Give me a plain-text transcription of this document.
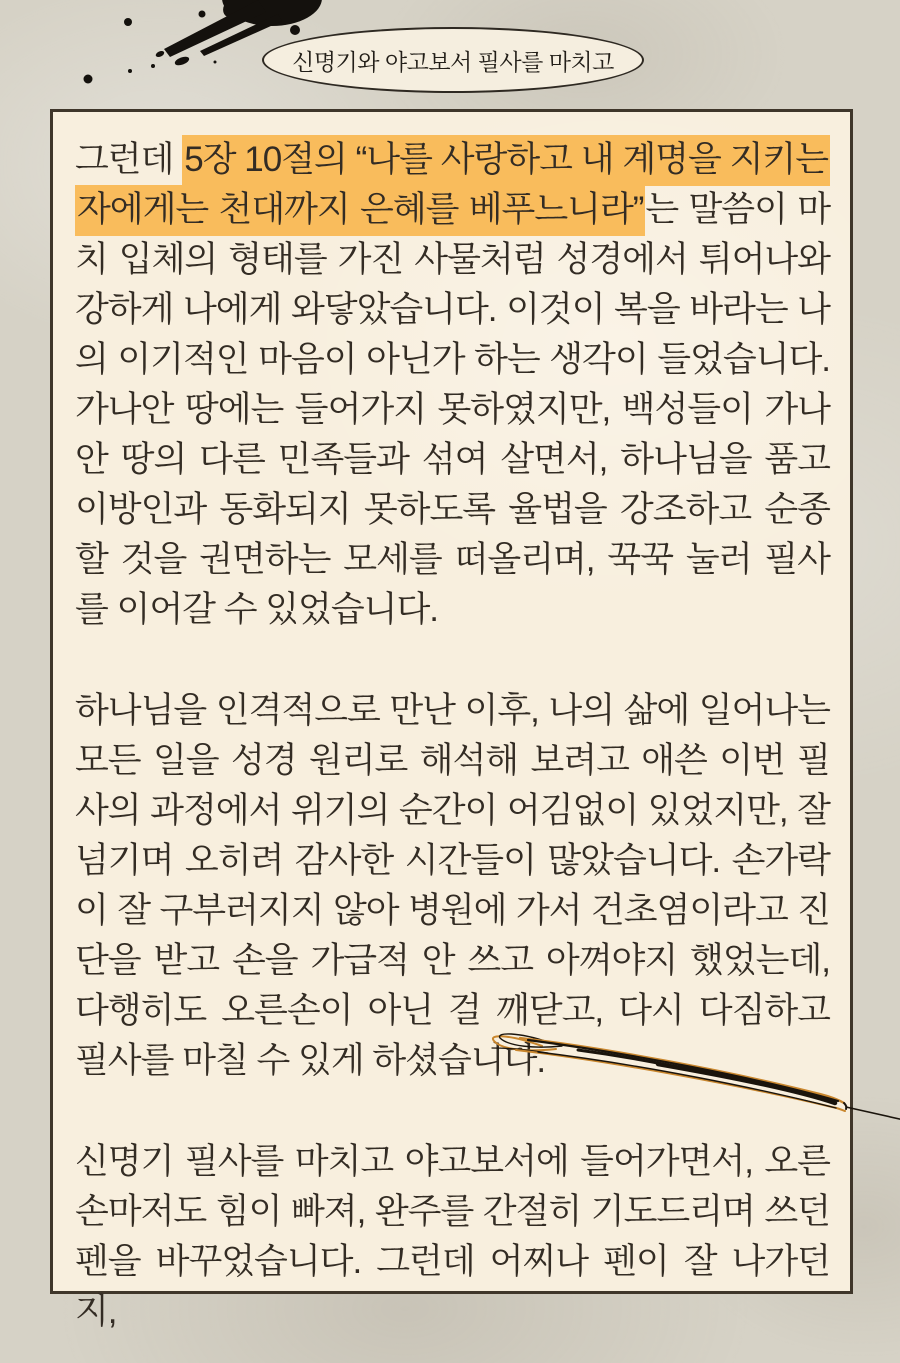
신명기와 야고보서 필사를 마치고

그런데 5장 10절의 “나를 사랑하고 내 계명을 지키는 자에게는 천대까지 은혜를 베푸느니라”는 말씀이 마치 입체의 형태를 가진 사물처럼 성경에서 튀어나와 강하게 나에게 와닿았습니다. 이것이 복을 바라는 나의 이기적인 마음이 아닌가 하는 생각이 들었습니다. 가나안 땅에는 들어가지 못하였지만, 백성들이 가나안 땅의 다른 민족들과 섞여 살면서, 하나님을 품고 이방인과 동화되지 못하도록 율법을 강조하고 순종할 것을 권면하는 모세를 떠올리며, 꾹꾹 눌러 필사를 이어갈 수 있었습니다.

하나님을 인격적으로 만난 이후, 나의 삶에 일어나는 모든 일을 성경 원리로 해석해 보려고 애쓴 이번 필사의 과정에서 위기의 순간이 어김없이 있었지만, 잘 넘기며 오히려 감사한 시간들이 많았습니다. 손가락이 잘 구부러지지 않아 병원에 가서 건초염이라고 진단을 받고 손을 가급적 안 쓰고 아껴야지 했었는데, 다행히도 오른손이 아닌 걸 깨닫고, 다시 다짐하고 필사를 마칠 수 있게 하셨습니다.

신명기 필사를 마치고 야고보서에 들어가면서, 오른손마저도 힘이 빠져, 완주를 간절히 기도드리며 쓰던 펜을 바꾸었습니다. 그런데 어찌나 펜이 잘 나가던지,
